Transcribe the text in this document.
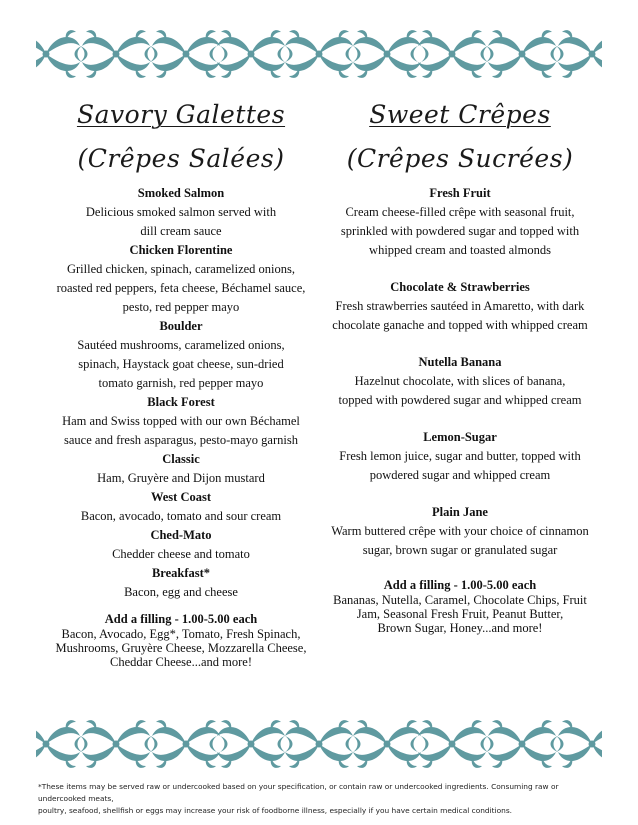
Savory Galettes
(Crêpes Salées)
Smoked Salmon
Delicious smoked salmon served with
dill cream sauce
Chicken Florentine
Grilled chicken, spinach, caramelized onions,
roasted red peppers, feta cheese, Béchamel sauce,
pesto, red pepper mayo
Boulder
Sautéed mushrooms, caramelized onions,
spinach, Haystack goat cheese, sun-dried
tomato garnish, red pepper mayo
Black Forest
Ham and Swiss topped with our own Béchamel
sauce and fresh asparagus, pesto-mayo garnish
Classic
Ham, Gruyère and Dijon mustard
West Coast
Bacon, avocado, tomato and sour cream
Ched-Mato
Chedder cheese and tomato
Breakfast*
Bacon, egg and cheese
Add a filling - 1.00-5.00 each
Bacon, Avocado, Egg*, Tomato, Fresh Spinach,
Mushrooms, Gruyère Cheese, Mozzarella Cheese,
Cheddar Cheese...and more!
Sweet Crêpes
(Crêpes Sucrées)
Fresh Fruit
Cream cheese-filled crêpe with seasonal fruit,
sprinkled with powdered sugar and topped with
whipped cream and toasted almonds
Chocolate & Strawberries
Fresh strawberries sautéed in Amaretto, with dark
chocolate ganache and topped with whipped cream
Nutella Banana
Hazelnut chocolate, with slices of banana,
topped with powdered sugar and whipped cream
Lemon-Sugar
Fresh lemon juice, sugar and butter, topped with
powdered sugar and whipped cream
Plain Jane
Warm buttered crêpe with your choice of cinnamon
sugar, brown sugar or granulated sugar
Add a filling - 1.00-5.00 each
Bananas, Nutella, Caramel, Chocolate Chips, Fruit
Jam, Seasonal Fresh Fruit, Peanut Butter,
Brown Sugar, Honey...and more!
*These items may be served raw or undercooked based on your specification, or contain raw or undercooked ingredients. Consuming raw or undercooked meats,
poultry, seafood, shellfish or eggs may increase your risk of foodborne illness, especially if you have certain medical conditions.
